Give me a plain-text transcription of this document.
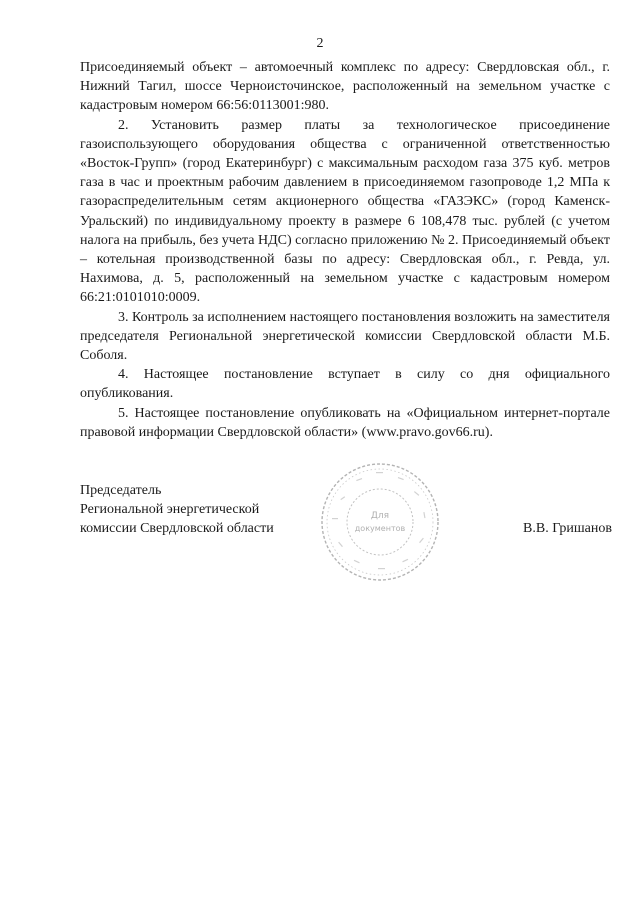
2

Присоединяемый объект – автомоечный комплекс по адресу: Свердловская обл., г. Нижний Тагил, шоссе Черноисточинское, расположенный на земельном участке с кадастровым номером 66:56:0113001:980.

2. Установить размер платы за технологическое присоединение газоиспользующего оборудования общества с ограниченной ответственностью «Восток-Групп» (город Екатеринбург) с максимальным расходом газа 375 куб. метров газа в час и проектным рабочим давлением в присоединяемом газопроводе 1,2 МПа к газораспределительным сетям акционерного общества «ГАЗЭКС» (город Каменск-Уральский) по индивидуальному проекту в размере 6 108,478 тыс. рублей (с учетом налога на прибыль, без учета НДС) согласно приложению № 2. Присоединяемый объект – котельная производственной базы по адресу: Свердловская обл., г. Ревда, ул. Нахимова, д. 5, расположенный на земельном участке с кадастровым номером 66:21:0101010:0009.

3. Контроль за исполнением настоящего постановления возложить на заместителя председателя Региональной энергетической комиссии Свердловской области М.Б. Соболя.

4. Настоящее постановление вступает в силу со дня официального опубликования.

5. Настоящее постановление опубликовать на «Официальном интернет-портале правовой информации Свердловской области» (www.pravo.gov66.ru).

Председатель
Региональной энергетической
комиссии Свердловской области
Для
документов	В.В. Гришанов
